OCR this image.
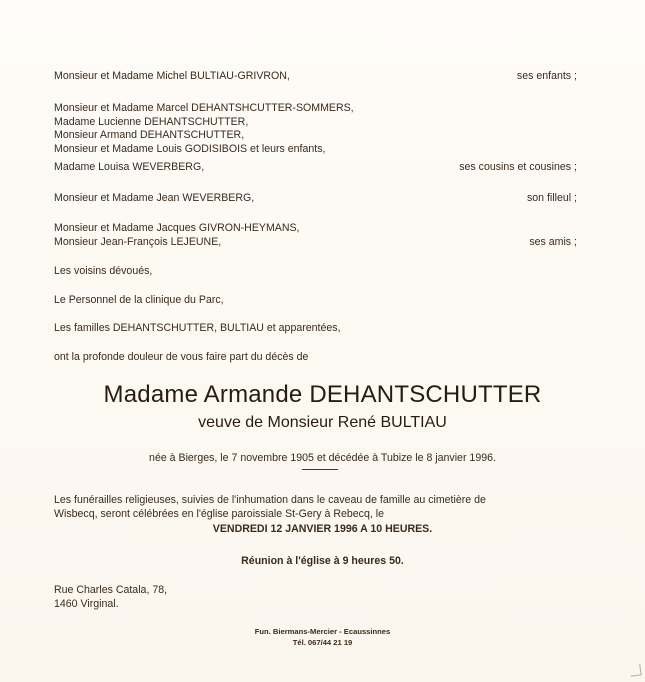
Monsieur et Madame Michel BULTIAU-GRIVRON,	ses enfants ;
Monsieur et Madame Marcel DEHANTSHCUTTER-SOMMERS,
Madame Lucienne DEHANTSCHUTTER,
Monsieur Armand DEHANTSCHUTTER,
Monsieur et Madame Louis GODISIBOIS et leurs enfants,
Madame Louisa WEVERBERG,	ses cousins et cousines ;
Monsieur et Madame Jean WEVERBERG,	son filleul ;
Monsieur et Madame Jacques GIVRON-HEYMANS,
Monsieur Jean-François LEJEUNE,	ses amis ;
Les voisins dévoués,
Le Personnel de la clinique du Parc,
Les familles DEHANTSCHUTTER, BULTIAU et apparentées,
ont la profonde douleur de vous faire part du décès de
Madame Armande DEHANTSCHUTTER
veuve de Monsieur René BULTIAU
née à Bierges, le 7 novembre 1905 et décédée à Tubize le 8 janvier 1996.
Les funérailles religieuses, suivies de l'inhumation dans le caveau de famille au cimetière de
Wisbecq, seront célébrées en l'église paroissiale St-Gery à Rebecq, le
VENDREDI 12 JANVIER 1996 A 10 HEURES.
Réunion à l'église à 9 heures 50.
Rue Charles Catala, 78,
1460 Virginal.
Fun. Biermans-Mercier - Ecaussinnes
Tél. 067/44 21 19
